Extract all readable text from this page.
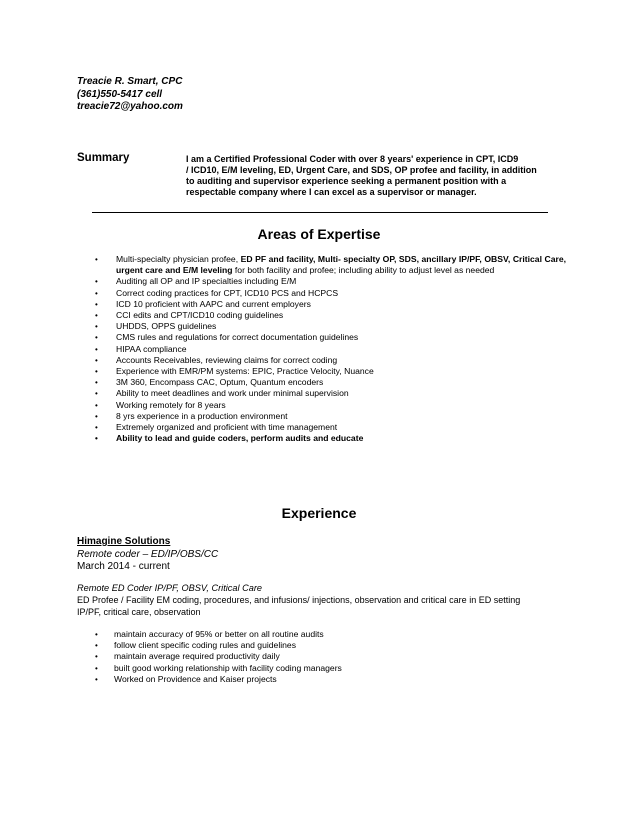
Treacie R. Smart, CPC
(361)550-5417 cell
treacie72@yahoo.com
Summary	I am a Certified Professional Coder with over 8 years' experience in CPT, ICD9
/ ICD10, E/M leveling, ED, Urgent Care, and SDS, OP profee and facility, in addition
to auditing and supervisor experience seeking a permanent position with a
respectable company where I can excel as a supervisor or manager.
Areas of Expertise
• Multi-specialty physician profee, ED PF and facility, Multi- specialty OP, SDS, ancillary IP/PF, OBSV, Critical Care, urgent care and E/M leveling for both facility and profee; including ability to adjust level as needed
• Auditing all OP and IP specialties including E/M
• Correct coding practices for CPT, ICD10 PCS and HCPCS
• ICD 10 proficient with AAPC and current employers
• CCI edits and CPT/ICD10 coding guidelines
• UHDDS, OPPS guidelines
• CMS rules and regulations for correct documentation guidelines
• HIPAA compliance
• Accounts Receivables, reviewing claims for correct coding
• Experience with EMR/PM systems: EPIC, Practice Velocity, Nuance
• 3M 360, Encompass CAC, Optum, Quantum encoders
• Ability to meet deadlines and work under minimal supervision
• Working remotely for 8 years
• 8 yrs experience in a production environment
• Extremely organized and proficient with time management
• Ability to lead and guide coders, perform audits and educate
Experience
Himagine Solutions
Remote coder – ED/IP/OBS/CC
March 2014 - current
Remote ED Coder IP/PF, OBSV, Critical Care
ED Profee / Facility EM coding, procedures, and infusions/ injections, observation and critical care in ED setting
IP/PF, critical care, observation
• maintain accuracy of 95% or better on all routine audits
• follow client specific coding rules and guidelines
• maintain average required productivity daily
• built good working relationship with facility coding managers
• Worked on Providence and Kaiser projects
